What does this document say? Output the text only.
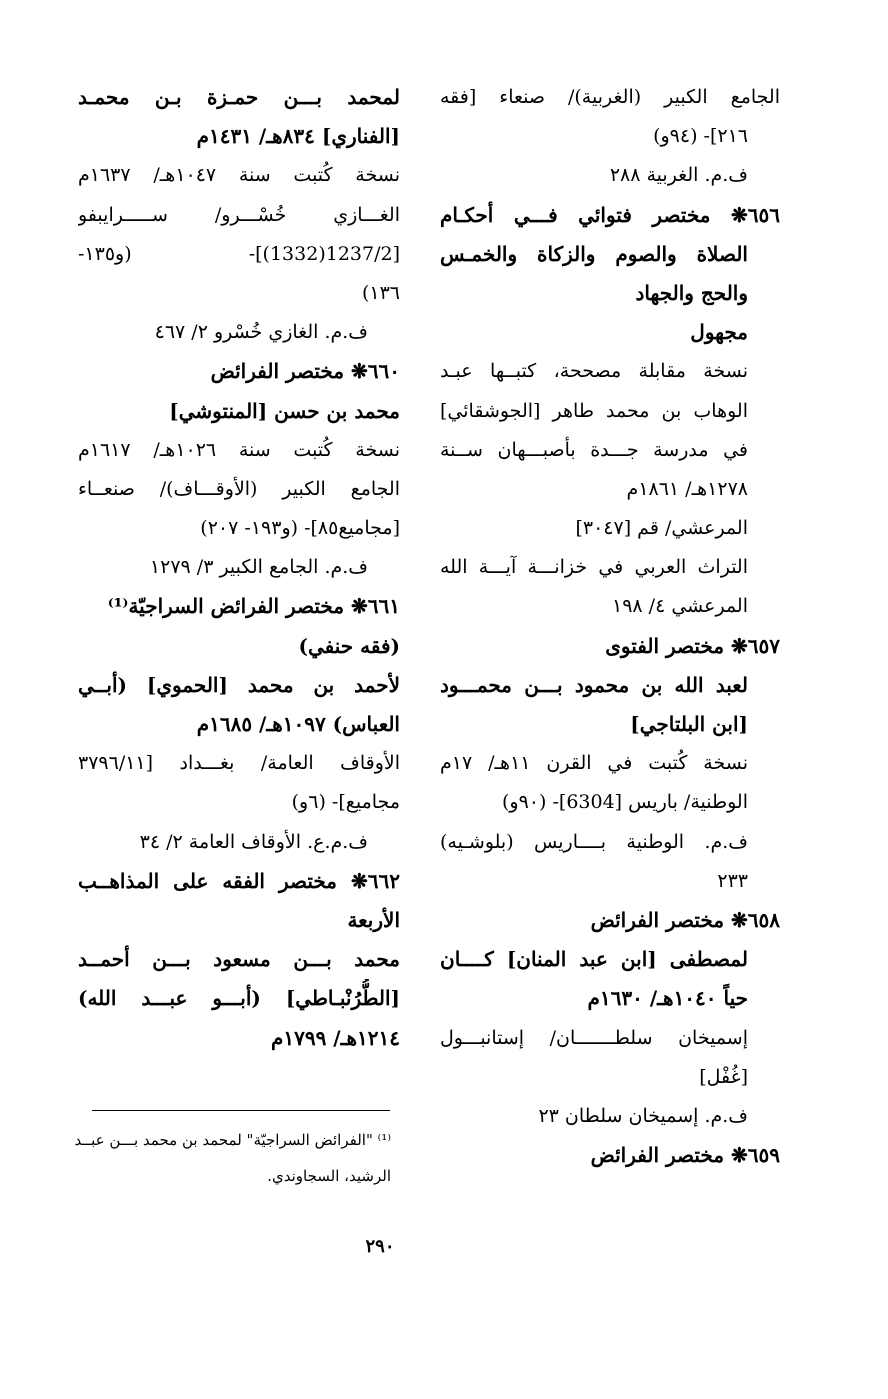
الجامع الكبير (الغربية)/ صنعاء [فقه
٢١٦]- (٩٤و)
ف.م. الغربية ٢٨٨
٦٥٦❋ مختصر فتوائي فـــي أحكـام
الصلاة والصوم والزكاة والخمـس
والحج والجهاد
مجهول
نسخة مقابلة مصححة، كتبــها عبـد
الوهاب بن محمد طاهر [الجوشقائي]
في مدرسة جـــدة بأصبـــهان ســنة
١٢٧٨هـ/ ١٨٦١م
المرعشي/ قم [٣٠٤٧]
التراث العربي في خزانـــة آيـــة الله
المرعشي ٤/ ١٩٨
٦٥٧❋ مختصر الفتوى
لعبد الله بن محمود بـــن محمـــود
[ابن البلتاجي]
نسخة كُتبت في القرن ١١هـ/ ١٧م
الوطنية/ باريس [6304]- (٩٠و)
ف.م. الوطنية بــــاريس (بلوشـيه)
٢٣٣
٦٥٨❋ مختصر الفرائض
لمصطفى [ابن عبد المنان] كــــان
حياً ١٠٤٠هـ/ ١٦٣٠م
إسميخان سلطـــــــان/ إستانبـــول
[غُفْل]
ف.م. إسميخان سلطان ٢٣
٦٥٩❋ مختصر الفرائض
لمحمد بـــن حمـزة بـن محمـد
[الفناري] ٨٣٤هـ/ ١٤٣١م
نسخة كُتبت سنة ١٠٤٧هـ/ ١٦٣٧م
الغـــازي خُسْـــرو/ ســـــرايبفو
[1237/2(1332)]- (و١٣٥-
١٣٦)
ف.م. الغازي خُسْرو ٢/ ٤٦٧
٦٦٠❋ مختصر الفرائض
محمد بن حسن [المنتوشي]
نسخة كُتبت سنة ١٠٢٦هـ/ ١٦١٧م
الجامع الكبير (الأوقـــاف)/ صنعــاء
[مجاميع٨٥]- (و١٩٣- ٢٠٧)
ف.م. الجامع الكبير ٣/ ١٢٧٩
٦٦١❋ مختصر الفرائض السراجيّة⁽¹⁾
(فقه حنفي)
لأحمد بن محمد [الحموي] (أبــي
العباس) ١٠٩٧هـ/ ١٦٨٥م
الأوقاف العامة/ بغـــداد [٣٧٩٦/١١
مجاميع]- (٦و)
ف.م.ع. الأوقاف العامة ٢/ ٣٤
٦٦٢❋ مختصر الفقه على المذاهــب
الأربعة
محمد بـــن مسعود بـــن أحمــد
[الطُّرُنْبـاطي] (أبـــو عبـــد الله)
١٢١٤هـ/ ١٧٩٩م
⁽¹⁾ "الفرائض السراجيّة" لمحمد بن محمد بـــن عبــد
الرشيد، السجاوندي.
٢٩٠
